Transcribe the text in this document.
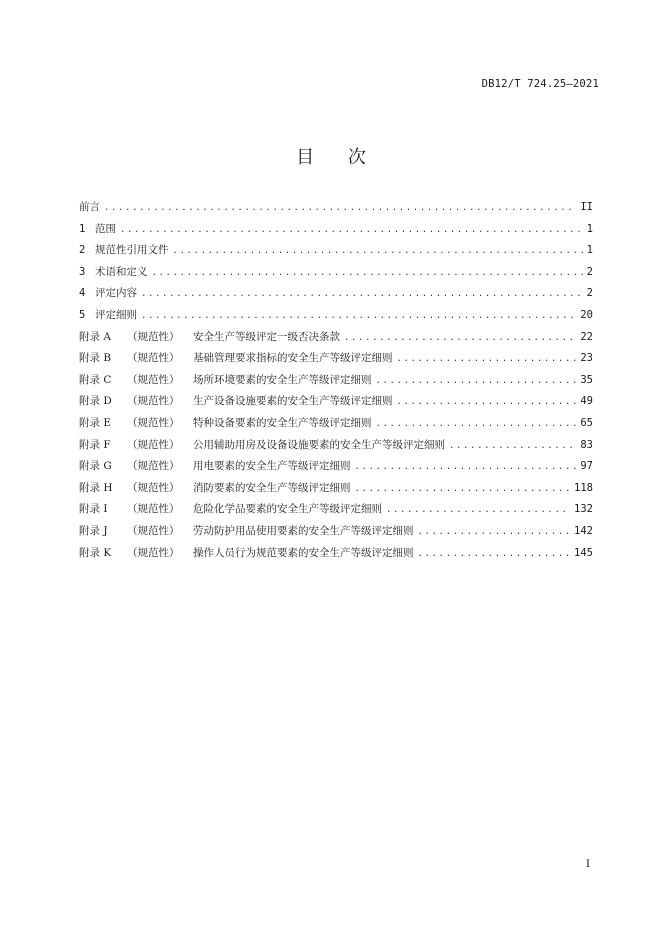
DB12/T 724.25—2021
目 次
前言 .....	II
1 范围 .....	1
2 规范性引用文件 .....	1
3 术语和定义 .....	2
4 评定内容 .....	2
5 评定细则 .....	20
附录 A	（规范性）	安全生产等级评定一级否决条款 .....	22
附录 B	（规范性）	基础管理要求指标的安全生产等级评定细则 .....	23
附录 C	（规范性）	场所环境要素的安全生产等级评定细则 .....	35
附录 D	（规范性）	生产设备设施要素的安全生产等级评定细则 .....	49
附录 E	（规范性）	特种设备要素的安全生产等级评定细则 .....	65
附录 F	（规范性）	公用辅助用房及设备设施要素的安全生产等级评定细则 .....	83
附录 G	（规范性）	用电要素的安全生产等级评定细则 .....	97
附录 H	（规范性）	消防要素的安全生产等级评定细则 .....	118
附录 I	（规范性）	危险化学品要素的安全生产等级评定细则 .....	132
附录 J	（规范性）	劳动防护用品使用要素的安全生产等级评定细则 .....	142
附录 K	（规范性）	操作人员行为规范要素的安全生产等级评定细则 .....	145
I
